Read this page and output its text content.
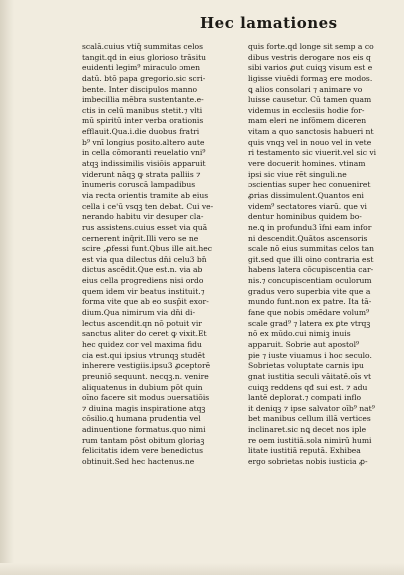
Hec lamationes
scalā.cuius vtiq̄ summitas celos
tangit.qd in eius glorioso trāsitu
euidenti legim⁹ miraculo ɔmen
datū. btō papa gregorio.sic scri-
bente. Inter discipulos manno
imbecillia mēbra sustentante.e-
ctis in celū manibus stetit.⁊ vlti
mū spiritū inter verba orationis
efflauit.Qua.i.die duobus fratri
b⁹ vnī longius posito.altero aute
in cella cōmoranti reuelatio vni⁹
atqꝫ indissimilis visiōis apparuit
viderunt nāqꝫ ꝙ strata palliis ⁊
īnumeris coruscā lampadibus
via recta orientis tramite ab eius
cella i ce'ū vsqꝫ ten debat. Cui ve-
nerando habitu vir desuper cla-
rus assistens.cuius esset via quā
cernerent inq̄rit.Illi vero se ne
scire ,ꝓfessi funt.Qbus ille ait.hec
est via qua dilectus dn̄i celu3 bn̄
dictus ascēdit.Que est.n. via ab
eius cella progrediens nisi ordo
quem idem vir beatus instituit.⁊
forma vite que ab eo susp̄it exor-
dium.Qua nimirum via dn̄i di-
lectus ascendit.qn nō potuit vir
sanctus aliter do ceret ꝙ vixit.Et
hec quidez cor vel maxima fidu
cia est.qui ipsius vtrunqꝫ studēt
inherere vestigiis.ipsu3 ꝓceptorē
preuniō sequunt. necqꝫ.n. venire
aliquatenus in dubium pōt quin
oīno facere sit modus ɔuersatiōis
⁊ diuina magis inspiratione atqꝫ
cōsilio.ꝗ humana prudentia vel
adinuentione formatus.quo nimi
rum tantam pōst obitum gloriaꝫ
felicitatis idem vere benedictus
obtinuit.Sed hec hactenus.ne
quis forte.qd longe sit semp a co
dibus vestris derogare nos eis q
sibi varios ꝓut cuiqꝫ visum est e
ligisse viuēdi formaꝫ ere modos.
ꝗ alios consolari ⁊ animare vo
luisse causetur. Cū tamen quam
videmus in ecclesiis hodie for-
mam eleri ne infōmem diceren
vitam a quo sanctosis habueri nt
quis vnqꝫ vel in nouo vel in vete
ri testamento sic viuerit.vel sic vi
vere docuerit homines. vtinam
ipsi sic viue rēt singuli.ne
ɔscientias super hec conueniret
ꝓrias dissimulent.Quantos eni
videm⁹ sectatores viarū. que vi
dentur hominibus quidem bo-
ne.ꝗ in profundu3 īfni eam infor
ni descendit.Quātos ascensoris
scale nō eius summitas celos tan
git.sed que illi oino contraria est
habens latera cōcupiscentia car-
nis.⁊ concupiscentiam oculorum
gradus vero superbia vite que a
mundo funt.non ex patre. Ita tā-
fane que nobis ɔmēdare volum⁹
scale grad⁹ ⁊ latera ex ꝑte vtrqꝫ
nō ex mūdo.cui nimiꝫ inuis
apparuit. Sobrie aut apostol⁹
pie ⁊ iuste viuamus i hoc seculo.
Sobrietas voluptate carnis ipu
gnat iustitia seculi vāitatē.oīs vt
cuiqꝫ reddens qđ sui est. ⁊ adu
lantē deplorat.⁊ compati inflo
it deniqꝫ ⁊ ipse salvator oīb⁹ nat⁹
bet manibus cellum illā vertices
inclinaret.sic nꝗ decet nos iple
re oem iustitiā.sola nimirū humi
litate iustitiā reputā. Exhibea
ergo sobrietas nobis iusticia ꝓ-
